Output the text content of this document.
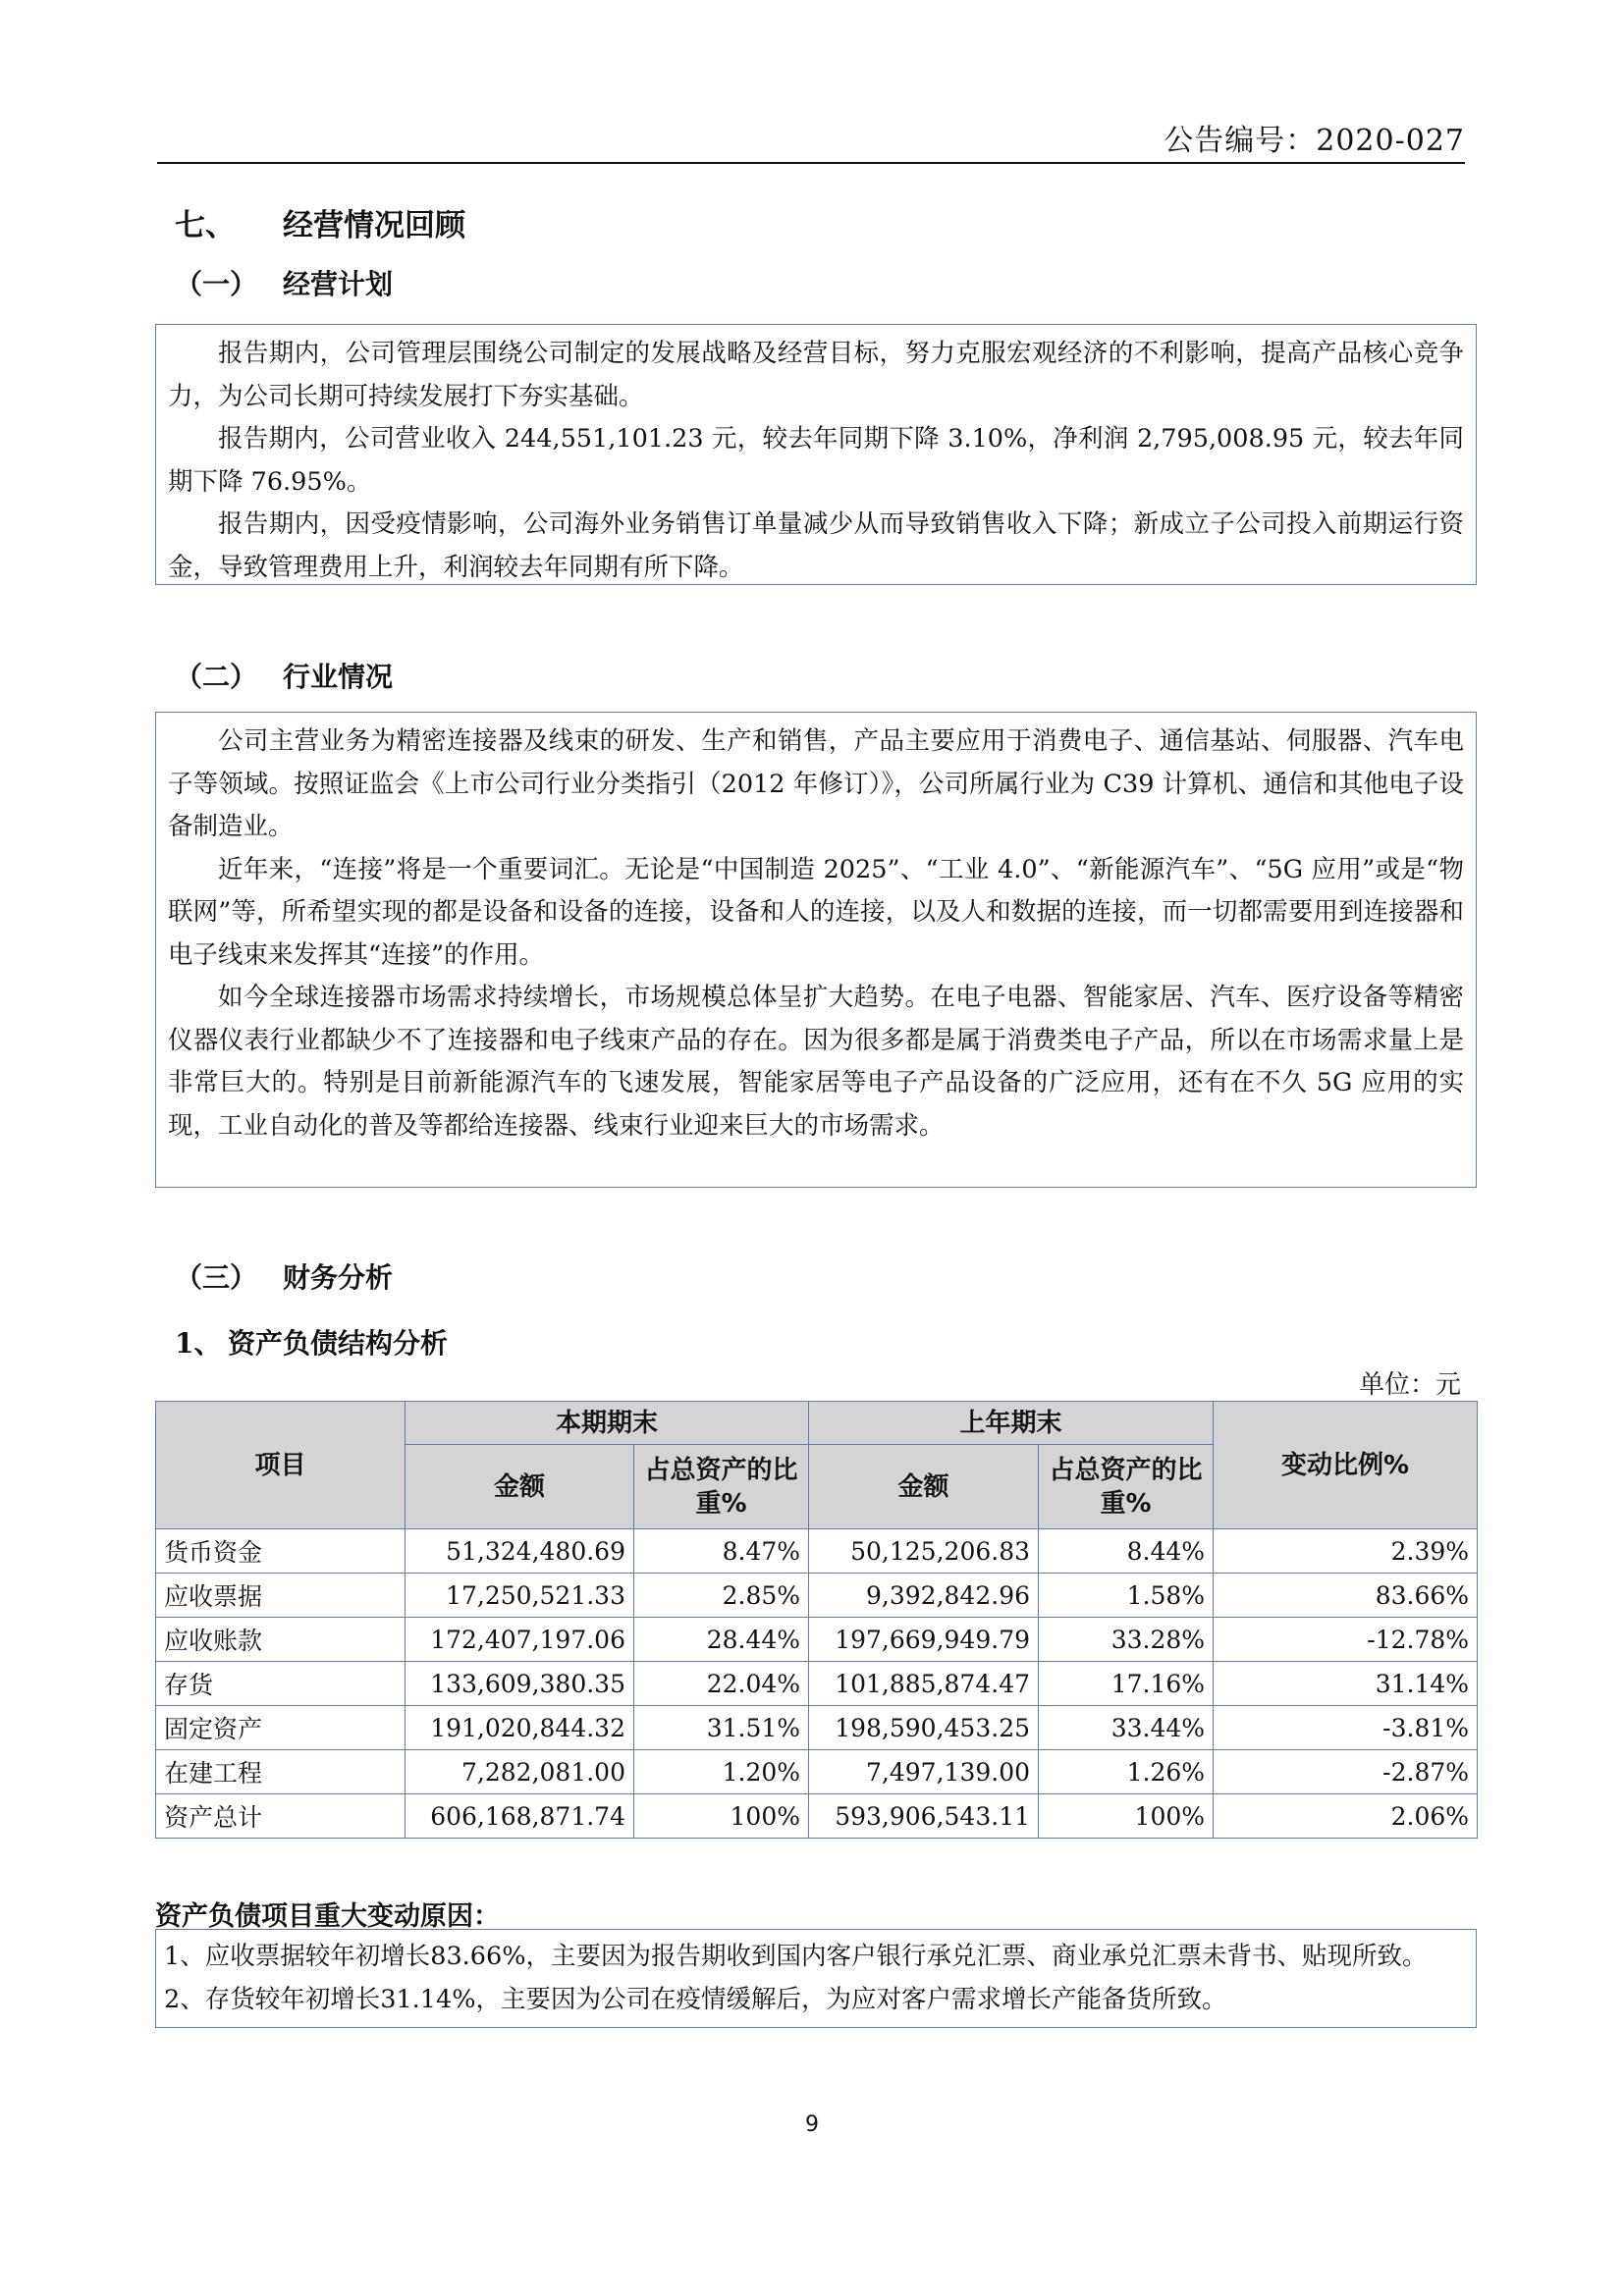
公告编号：2020-027
七、 经营情况回顾
（一） 经营计划

报告期内，公司管理层围绕公司制定的发展战略及经营目标，努力克服宏观经济的不利影响，提高产品核心竞争力，为公司长期可持续发展打下夯实基础。

报告期内，公司营业收入 244,551,101.23 元，较去年同期下降 3.10%，净利润 2,795,008.95 元，较去年同期下降 76.95%。

报告期内，因受疫情影响，公司海外业务销售订单量减少从而导致销售收入下降；新成立子公司投入前期运行资金，导致管理费用上升，利润较去年同期有所下降。

（二） 行业情况

公司主营业务为精密连接器及线束的研发、生产和销售，产品主要应用于消费电子、通信基站、伺服器、汽车电子等领域。按照证监会《上市公司行业分类指引（2012 年修订）》，公司所属行业为 C39 计算机、通信和其他电子设备制造业。

近年来，“连接”将是一个重要词汇。无论是“中国制造 2025”、“工业 4.0”、“新能源汽车”、“5G 应用”或是“物联网”等，所希望实现的都是设备和设备的连接，设备和人的连接，以及人和数据的连接，而一切都需要用到连接器和电子线束来发挥其“连接”的作用。

如今全球连接器市场需求持续增长，市场规模总体呈扩大趋势。在电子电器、智能家居、汽车、医疗设备等精密仪器仪表行业都缺少不了连接器和电子线束产品的存在。因为很多都是属于消费类电子产品，所以在市场需求量上是非常巨大的。特别是目前新能源汽车的飞速发展，智能家居等电子产品设备的广泛应用，还有在不久 5G 应用的实现，工业自动化的普及等都给连接器、线束行业迎来巨大的市场需求。

（三） 财务分析
1、 资产负债结构分析
单位：元
项目	本期期末		上年期末		变动比例%
	金额	占总资产的比重%	金额	占总资产的比重%	
货币资金	51,324,480.69	8.47%	50,125,206.83	8.44%	2.39%
应收票据	17,250,521.33	2.85%	9,392,842.96	1.58%	83.66%
应收账款	172,407,197.06	28.44%	197,669,949.79	33.28%	-12.78%
存货	133,609,380.35	22.04%	101,885,874.47	17.16%	31.14%
固定资产	191,020,844.32	31.51%	198,590,453.25	33.44%	-3.81%
在建工程	7,282,081.00	1.20%	7,497,139.00	1.26%	-2.87%
资产总计	606,168,871.74	100%	593,906,543.11	100%	2.06%
资产负债项目重大变动原因：

1、应收票据较年初增长83.66%，主要因为报告期收到国内客户银行承兑汇票、商业承兑汇票未背书、贴现所致。

2、存货较年初增长31.14%，主要因为公司在疫情缓解后，为应对客户需求增长产能备货所致。

9
